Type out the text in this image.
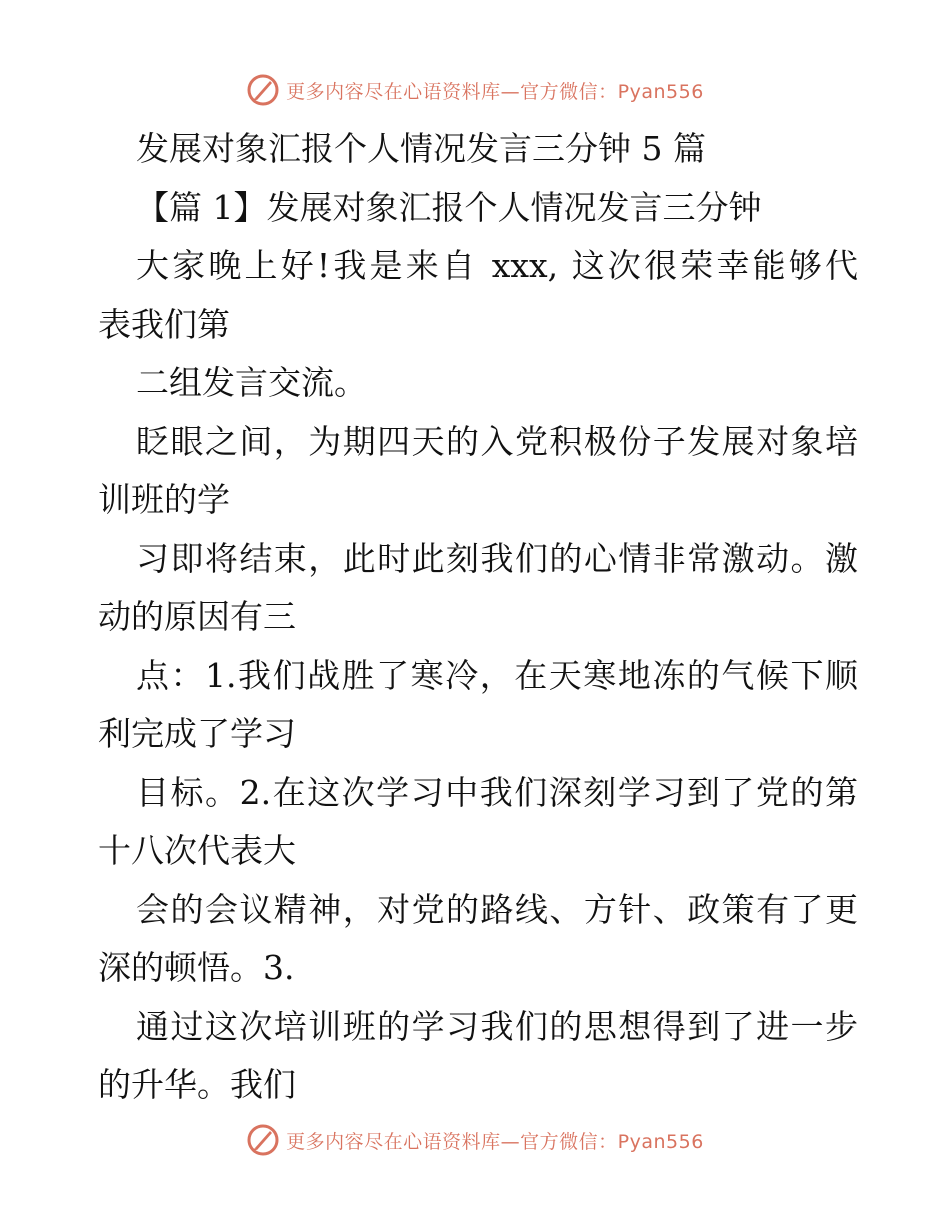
更多内容尽在心语资料库—官方微信：Pyan556
发展对象汇报个人情况发言三分钟 5 篇
【篇 1】发展对象汇报个人情况发言三分钟
大家晚上好!我是来自 xxx, 这次很荣幸能够代
表我们第
二组发言交流。
眨眼之间，为期四天的入党积极份子发展对象培
训班的学
习即将结束，此时此刻我们的心情非常激动。激
动的原因有三
点：1.我们战胜了寒冷，在天寒地冻的气候下顺
利完成了学习
目标。2.在这次学习中我们深刻学习到了党的第
十八次代表大
会的会议精神，对党的路线、方针、政策有了更
深的顿悟。3.
通过这次培训班的学习我们的思想得到了进一步
的升华。我们
更多内容尽在心语资料库—官方微信：Pyan556
